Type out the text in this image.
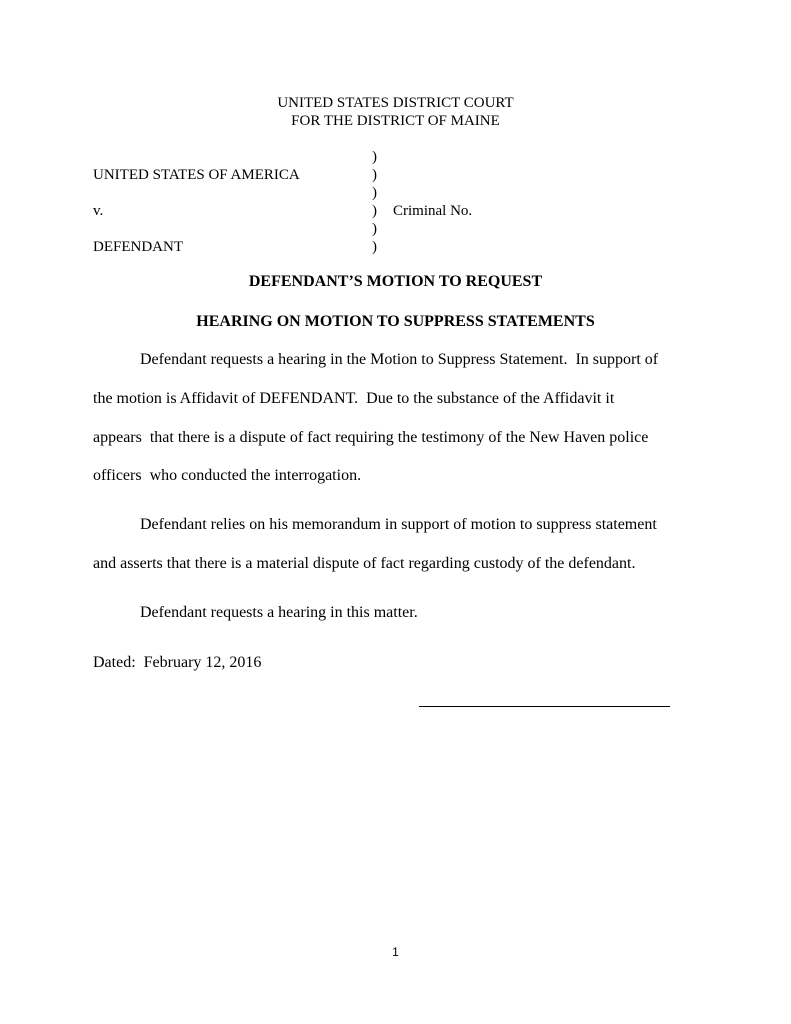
UNITED STATES DISTRICT COURT
FOR THE DISTRICT OF MAINE
)
UNITED STATES OF AMERICA	)
)
v.	) Criminal No.
)
DEFENDANT	)
DEFENDANT’S MOTION TO REQUEST
HEARING ON MOTION TO SUPPRESS STATEMENTS
Defendant requests a hearing in the Motion to Suppress Statement.  In support of
the motion is Affidavit of DEFENDANT.  Due to the substance of the Affidavit it
appears  that there is a dispute of fact requiring the testimony of the New Haven police
officers  who conducted the interrogation.
Defendant relies on his memorandum in support of motion to suppress statement
and asserts that there is a material dispute of fact regarding custody of the defendant.
Defendant requests a hearing in this matter.
Dated:  February 12, 2016
1
